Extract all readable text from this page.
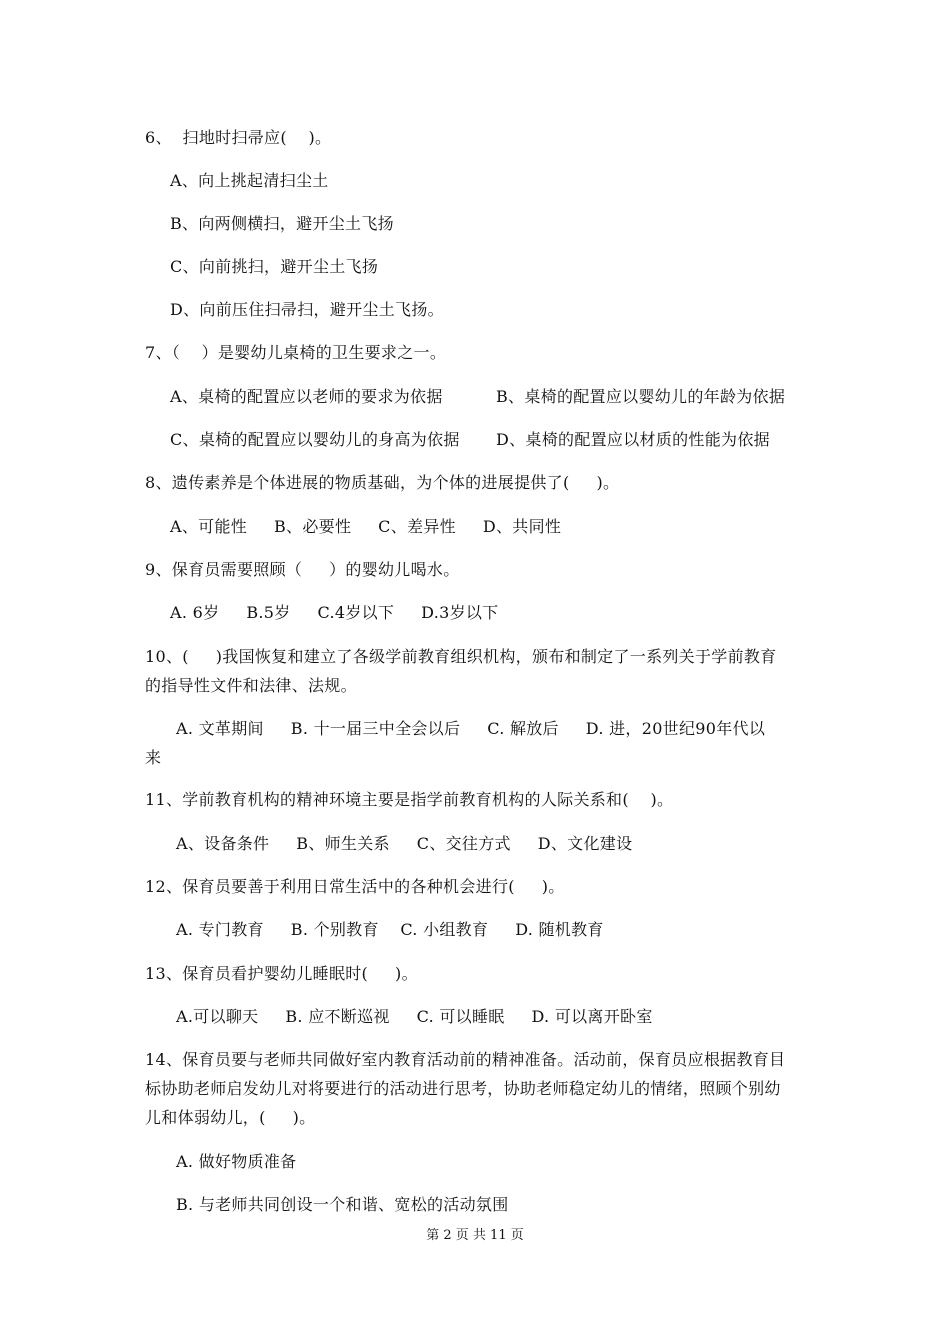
6、  扫地时扫帚应(    )。
A、向上挑起清扫尘土
B、向两侧横扫，避开尘土飞扬
C、向前挑扫，避开尘土飞扬
D、向前压住扫帚扫，避开尘土飞扬。
7、（    ）是婴幼儿桌椅的卫生要求之一。
A、桌椅的配置应以老师的要求为依据	B、桌椅的配置应以婴幼儿的年龄为依据
C、桌椅的配置应以婴幼儿的身高为依据 D、桌椅的配置应以材质的性能为依据
8、遗传素养是个体进展的物质基础，为个体的进展提供了(     )。
A、可能性     B、必要性     C、差异性     D、共同性
9、保育员需要照顾（     ）的婴幼儿喝水。
A. 6岁     B.5岁     C.4岁以下     D.3岁以下
10、(     )我国恢复和建立了各级学前教育组织机构，颁布和制定了一系列关于学前教育
的指导性文件和法律、法规。
A. 文革期间     B. 十一届三中全会以后     C. 解放后     D. 进，20世纪90年代以
来
11、学前教育机构的精神环境主要是指学前教育机构的人际关系和(    )。
A、设备条件     B、师生关系     C、交往方式     D、文化建设
12、保育员要善于利用日常生活中的各种机会进行(     )。
A. 专门教育     B. 个别教育    C. 小组教育     D. 随机教育
13、保育员看护婴幼儿睡眠时(     )。
A.可以聊天     B. 应不断巡视     C. 可以睡眠     D. 可以离开卧室
14、保育员要与老师共同做好室内教育活动前的精神准备。活动前，保育员应根据教育目
标协助老师启发幼儿对将要进行的活动进行思考，协助老师稳定幼儿的情绪，照顾个别幼
儿和体弱幼儿，(     )。
A. 做好物质准备
B. 与老师共同创设一个和谐、宽松的活动氛围
第 2 页 共 11 页
